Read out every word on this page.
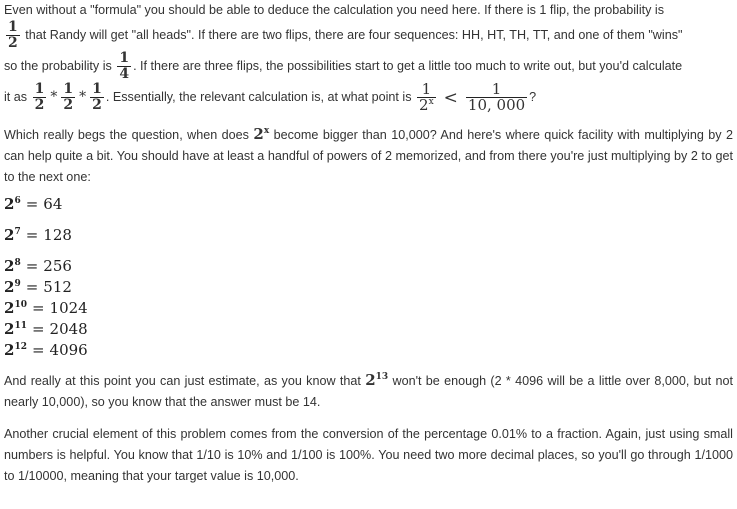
Even without a "formula" you should be able to deduce the calculation you need here. If there is 1 flip, the probability is

$\frac{1}{2}$ that Randy will get "all heads". If there are two flips, there are four sequences: HH, HT, TH, TT, and one of them "wins"
so the probability is $\frac{1}{4}$ . If there are three flips, the possibilities start to get a little too much to write out, but you'd calculate
it as $\frac{1}{2} * \frac{1}{2} * \frac{1}{2}$ . Essentially, the relevant calculation is, at what point is $\frac{1}{2^x} < \frac{1}{10, 000}$ ?
Which really begs the question, when does 2$^x$ become bigger than 10,000? And here's where quick facility with multiplying by 2 can help quite a bit. You should have at least a handful of powers of 2 memorized, and from there you're just multiplying by 2 to get to the next one:
$2^6 = 64$
$2^7 = 128$
$2^8 = 256$
$2^9 = 512$
$2^{10} = 1024$
$2^{11} = 2048$
$2^{12} = 4096$
And really at this point you can just estimate, as you know that $2^{13}$ won't be enough (2 * 4096 will be a little over 8,000, but not nearly 10,000), so you know that the answer must be 14.
Another crucial element of this problem comes from the conversion of the percentage 0.01% to a fraction. Again, just using small numbers is helpful. You know that 1/10 is 10% and 1/100 is 100%. You need two more decimal places, so you'll go through 1/1000 to 1/10000, meaning that your target value is 10,000.
